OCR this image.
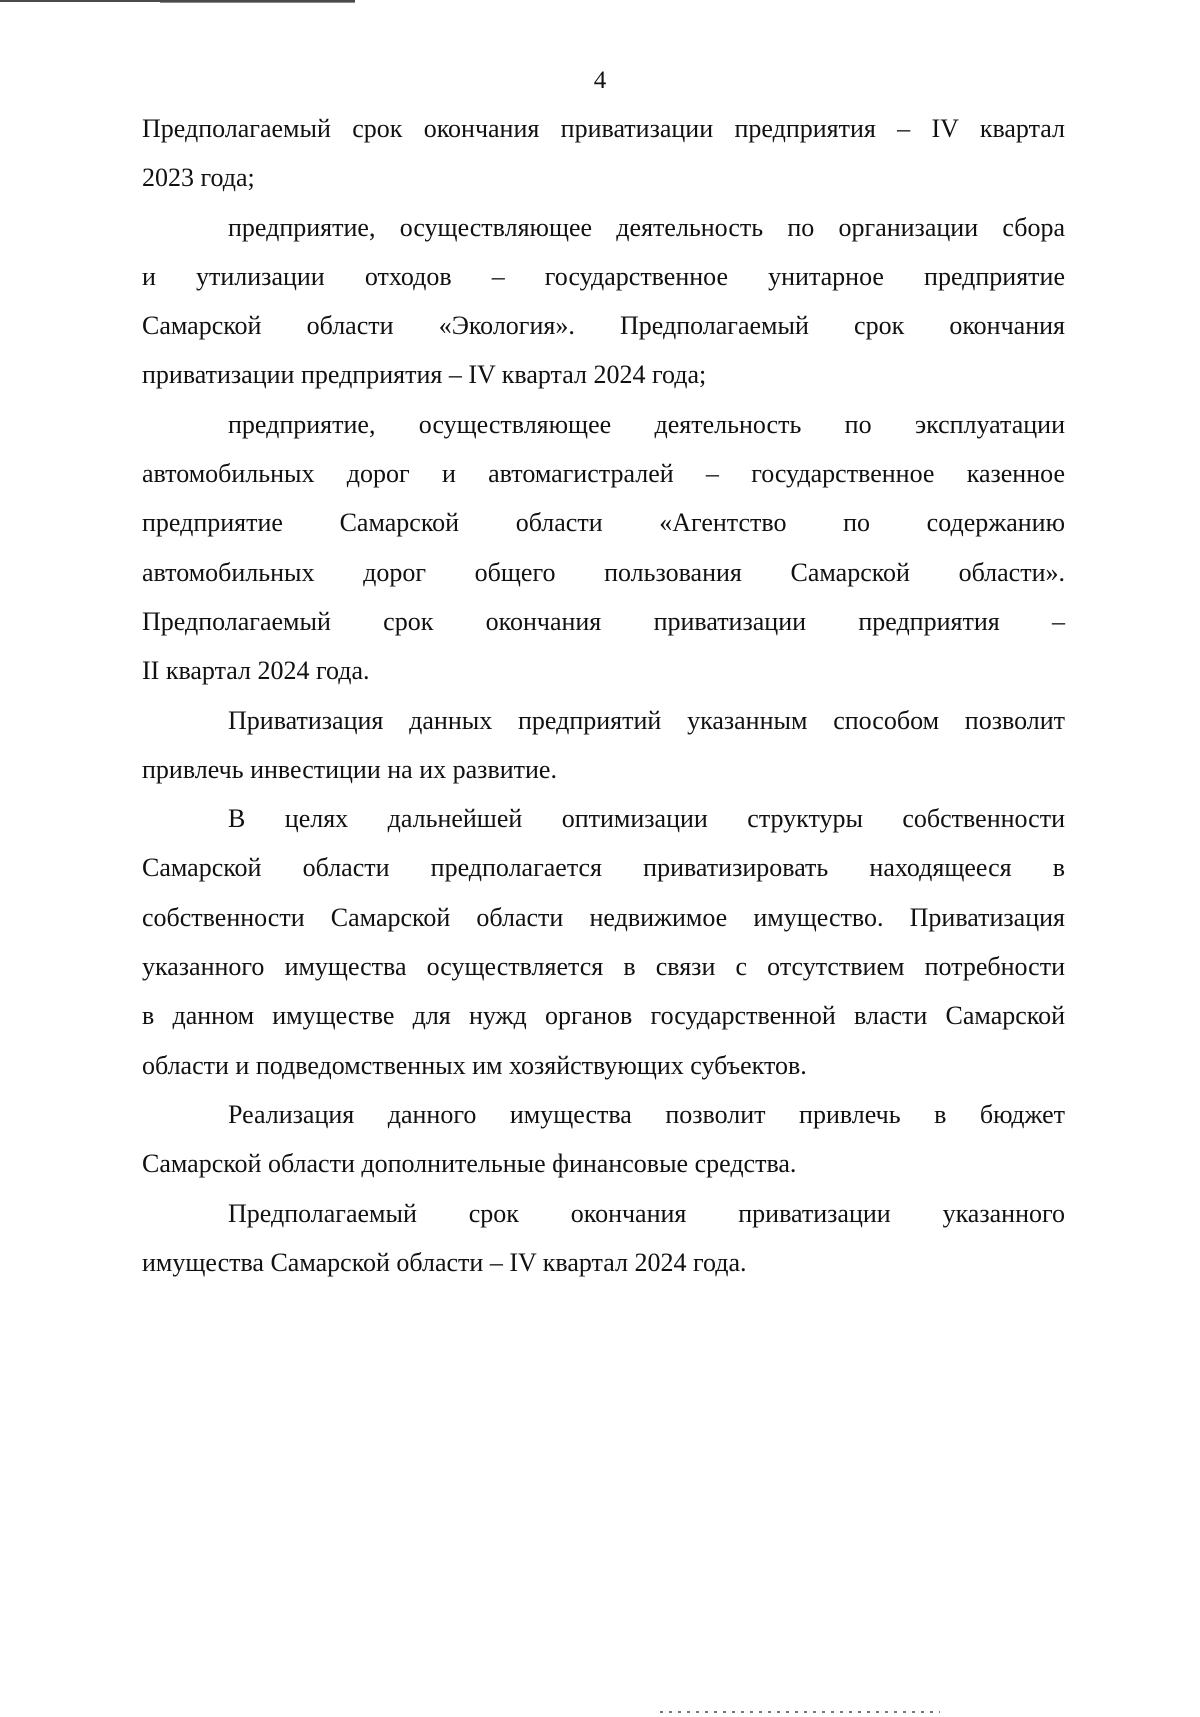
4

Предполагаемый срок окончания приватизации предприятия – IV квартал
2023 года;

предприятие, осуществляющее деятельность по организации сбора
и утилизации отходов – государственное унитарное предприятие
Самарской области «Экология». Предполагаемый срок окончания
приватизации предприятия – IV квартал 2024 года;

предприятие, осуществляющее деятельность по эксплуатации
автомобильных дорог и автомагистралей – государственное казенное
предприятие Самарской области «Агентство по содержанию
автомобильных дорог общего пользования Самарской области».
Предполагаемый срок окончания приватизации предприятия –
II квартал 2024 года.

Приватизация данных предприятий указанным способом позволит
привлечь инвестиции на их развитие.

В целях дальнейшей оптимизации структуры собственности
Самарской области предполагается приватизировать находящееся в
собственности Самарской области недвижимое имущество. Приватизация
указанного имущества осуществляется в связи с отсутствием потребности
в данном имуществе для нужд органов государственной власти Самарской
области и подведомственных им хозяйствующих субъектов.

Реализация данного имущества позволит привлечь в бюджет
Самарской области дополнительные финансовые средства.

Предполагаемый срок окончания приватизации указанного
имущества Самарской области – IV квартал 2024 года.
